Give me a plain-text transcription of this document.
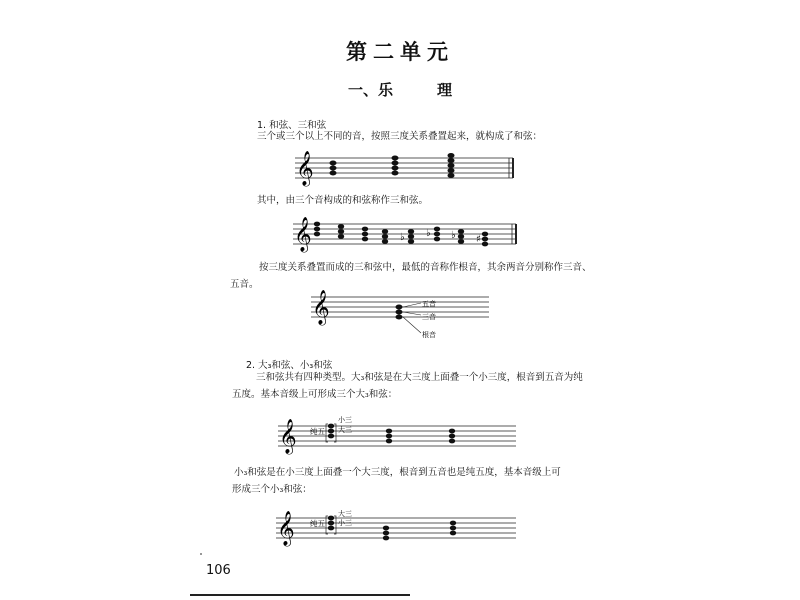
第二单元
一、乐	理
1. 和弦、三和弦
三个或三个以上不同的音，按照三度关系叠置起来，就构成了和弦：
𝄞
其中，由三个音构成的和弦称作三和弦。
𝄞	♭ ♭ ♭ ♯
按三度关系叠置而成的三和弦中，最低的音称作根音，其余两音分别称作三音、
五音。
𝄞	五音
三音
根音
2. 大₃和弦、小₃和弦
三和弦共有四种类型。大₃和弦是在大三度上面叠一个小三度，根音到五音为纯
五度。基本音级上可形成三个大₃和弦：
𝄞 纯五
小三
大三
小₃和弦是在小三度上面叠一个大三度，根音到五音也是纯五度，基本音级上可
形成三个小₃和弦：
𝄞 纯五
大三
小三
106
